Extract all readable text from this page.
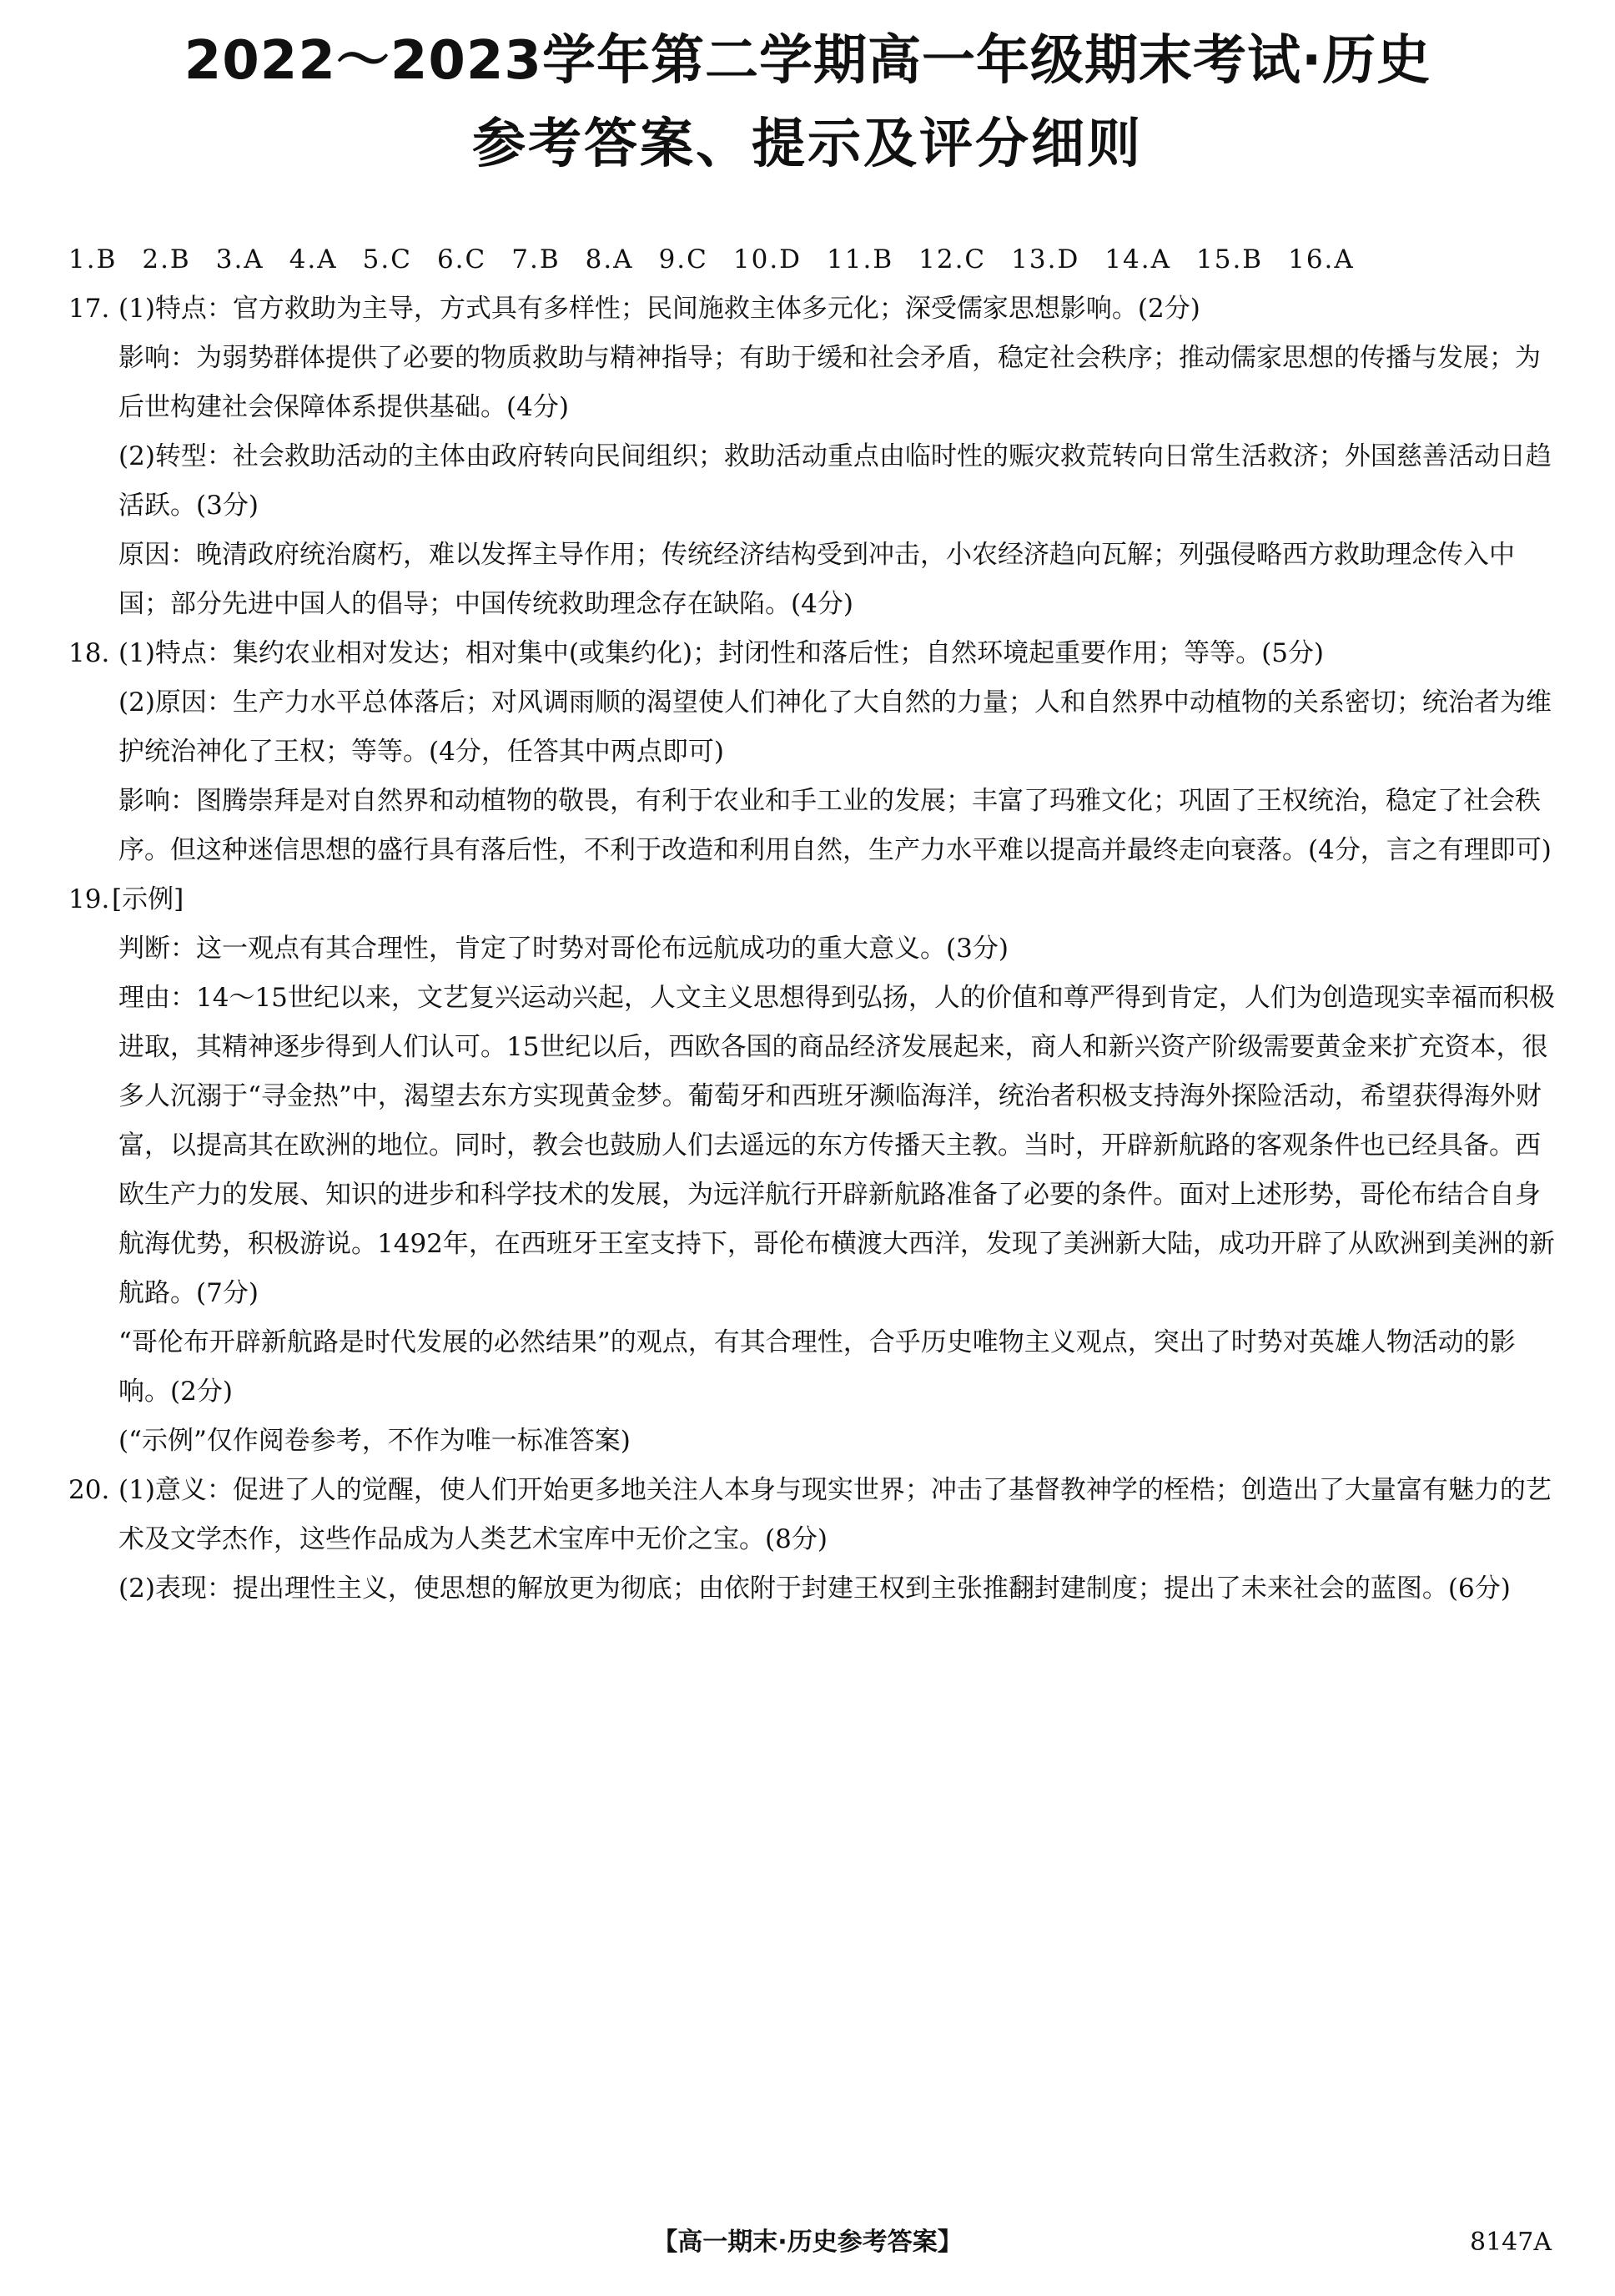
2022～2023学年第二学期高一年级期末考试·历史
参考答案、提示及评分细则
1.B 2.B 3.A 4.A 5.C 6.C 7.B 8.A 9.C 10.D 11.B 12.C 13.D 14.A 15.B 16.A
17. (1)特点：官方救助为主导，方式具有多样性；民间施救主体多元化；深受儒家思想影响。(2分)

影响：为弱势群体提供了必要的物质救助与精神指导；有助于缓和社会矛盾，稳定社会秩序；推动儒家思想的传播与发展；为后世构建社会保障体系提供基础。(4分)

(2)转型：社会救助活动的主体由政府转向民间组织；救助活动重点由临时性的赈灾救荒转向日常生活救济；外国慈善活动日趋活跃。(3分)

原因：晚清政府统治腐朽，难以发挥主导作用；传统经济结构受到冲击，小农经济趋向瓦解；列强侵略西方救助理念传入中国；部分先进中国人的倡导；中国传统救助理念存在缺陷。(4分)

18. (1)特点：集约农业相对发达；相对集中(或集约化)；封闭性和落后性；自然环境起重要作用；等等。(5分)

(2)原因：生产力水平总体落后；对风调雨顺的渴望使人们神化了大自然的力量；人和自然界中动植物的关系密切；统治者为维护统治神化了王权；等等。(4分，任答其中两点即可)

影响：图腾崇拜是对自然界和动植物的敬畏，有利于农业和手工业的发展；丰富了玛雅文化；巩固了王权统治，稳定了社会秩序。但这种迷信思想的盛行具有落后性，不利于改造和利用自然，生产力水平难以提高并最终走向衰落。(4分，言之有理即可)

19. [示例]

判断：这一观点有其合理性，肯定了时势对哥伦布远航成功的重大意义。(3分)

理由：14～15世纪以来，文艺复兴运动兴起，人文主义思想得到弘扬，人的价值和尊严得到肯定，人们为创造现实幸福而积极进取，其精神逐步得到人们认可。15世纪以后，西欧各国的商品经济发展起来，商人和新兴资产阶级需要黄金来扩充资本，很多人沉溺于“寻金热”中，渴望去东方实现黄金梦。葡萄牙和西班牙濒临海洋，统治者积极支持海外探险活动，希望获得海外财富，以提高其在欧洲的地位。同时，教会也鼓励人们去遥远的东方传播天主教。当时，开辟新航路的客观条件也已经具备。西欧生产力的发展、知识的进步和科学技术的发展，为远洋航行开辟新航路准备了必要的条件。面对上述形势，哥伦布结合自身航海优势，积极游说。1492年，在西班牙王室支持下，哥伦布横渡大西洋，发现了美洲新大陆，成功开辟了从欧洲到美洲的新航路。(7分)

“哥伦布开辟新航路是时代发展的必然结果”的观点，有其合理性，合乎历史唯物主义观点，突出了时势对英雄人物活动的影响。(2分)

(“示例”仅作阅卷参考，不作为唯一标准答案)

20. (1)意义：促进了人的觉醒，使人们开始更多地关注人本身与现实世界；冲击了基督教神学的桎梏；创造出了大量富有魅力的艺术及文学杰作，这些作品成为人类艺术宝库中无价之宝。(8分)

(2)表现：提出理性主义，使思想的解放更为彻底；由依附于封建王权到主张推翻封建制度；提出了未来社会的蓝图。(6分)

【高一期末·历史参考答案】	8147A
